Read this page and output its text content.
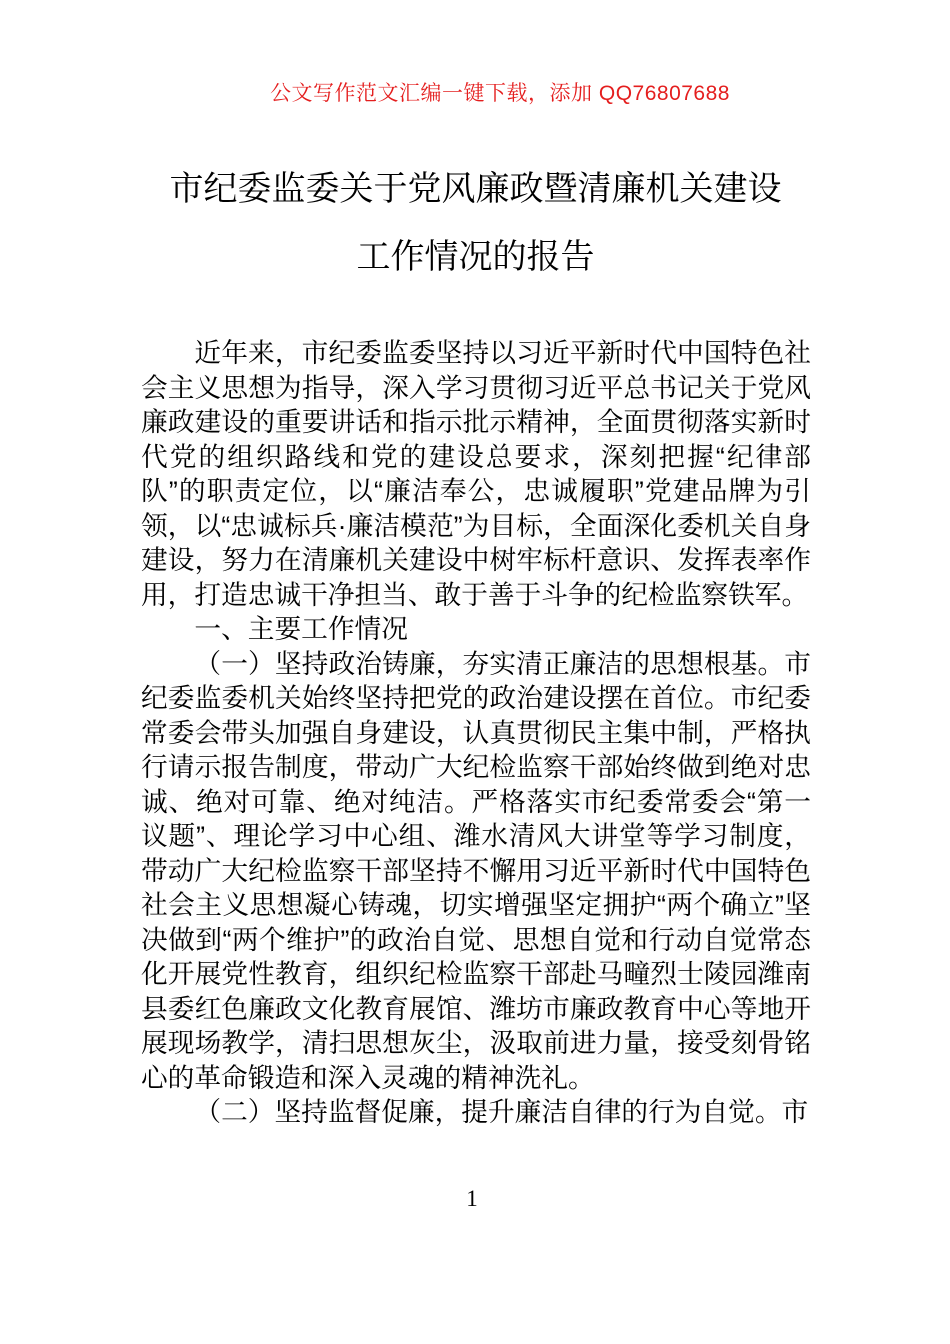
公文写作范文汇编一键下载，添加 QQ76807688
市纪委监委关于党风廉政暨清廉机关建设
工作情况的报告

近年来，市纪委监委坚持以习近平新时代中国特色社会主义思想为指导，深入学习贯彻习近平总书记关于党风廉政建设的重要讲话和指示批示精神，全面贯彻落实新时代党的组织路线和党的建设总要求，深刻把握“纪律部队”的职责定位，以“廉洁奉公，忠诚履职”党建品牌为引领，以“忠诚标兵·廉洁模范”为目标，全面深化委机关自身建设，努力在清廉机关建设中树牢标杆意识、发挥表率作用，打造忠诚干净担当、敢于善于斗争的纪检监察铁军。

一、主要工作情况

（一）坚持政治铸廉，夯实清正廉洁的思想根基。市纪委监委机关始终坚持把党的政治建设摆在首位。市纪委常委会带头加强自身建设，认真贯彻民主集中制，严格执行请示报告制度，带动广大纪检监察干部始终做到绝对忠诚、绝对可靠、绝对纯洁。严格落实市纪委常委会“第一议题”、理论学习中心组、潍水清风大讲堂等学习制度，带动广大纪检监察干部坚持不懈用习近平新时代中国特色社会主义思想凝心铸魂，切实增强坚定拥护“两个确立”坚决做到“两个维护”的政治自觉、思想自觉和行动自觉常态化开展党性教育，组织纪检监察干部赴马疃烈士陵园潍南县委红色廉政文化教育展馆、潍坊市廉政教育中心等地开展现场教学，清扫思想灰尘，汲取前进力量，接受刻骨铭心的革命锻造和深入灵魂的精神洗礼。

（二）坚持监督促廉，提升廉洁自律的行为自觉。市

1
